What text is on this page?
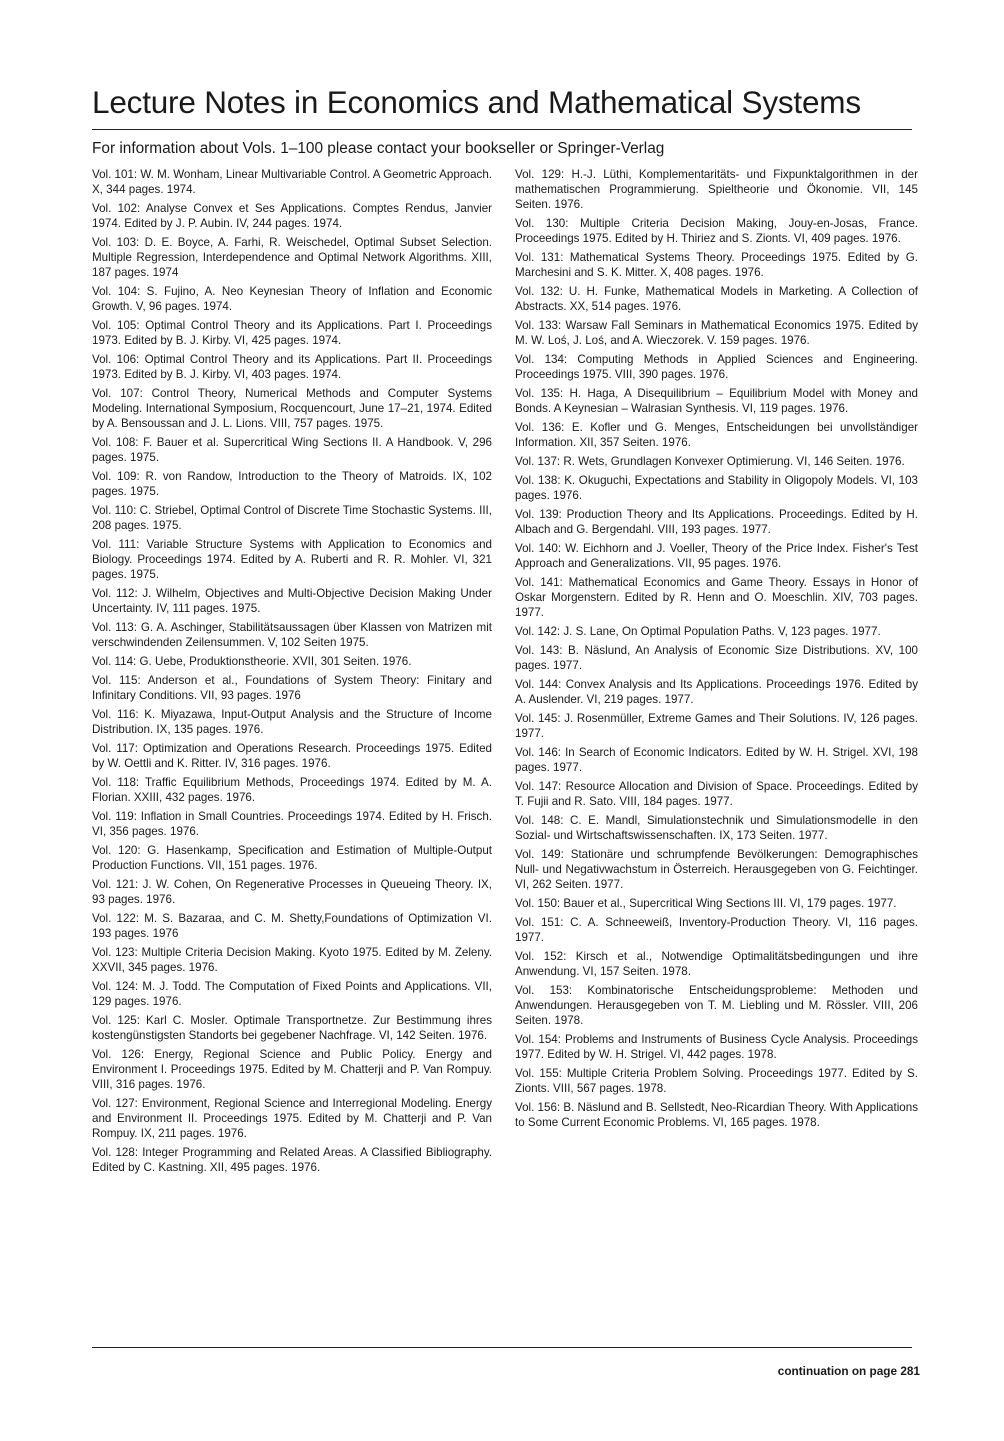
Lecture Notes in Economics and Mathematical Systems

For information about Vols. 1–100 please contact your bookseller or Springer-Verlag

Vol. 101: W. M. Wonham, Linear Multivariable Control. A Geometric Approach. X, 344 pages. 1974.

Vol. 102: Analyse Convex et Ses Applications. Comptes Rendus, Janvier 1974. Edited by J. P. Aubin. IV, 244 pages. 1974.

Vol. 103: D. E. Boyce, A. Farhi, R. Weischedel, Optimal Subset Selection. Multiple Regression, Interdependence and Optimal Network Algorithms. XIII, 187 pages. 1974

Vol. 104: S. Fujino, A. Neo Keynesian Theory of Inflation and Economic Growth. V, 96 pages. 1974.

Vol. 105: Optimal Control Theory and its Applications. Part I. Proceedings 1973. Edited by B. J. Kirby. VI, 425 pages. 1974.

Vol. 106: Optimal Control Theory and its Applications. Part II. Proceedings 1973. Edited by B. J. Kirby. VI, 403 pages. 1974.

Vol. 107: Control Theory, Numerical Methods and Computer Systems Modeling. International Symposium, Rocquencourt, June 17–21, 1974. Edited by A. Bensoussan and J. L. Lions. VIII, 757 pages. 1975.

Vol. 108: F. Bauer et al. Supercritical Wing Sections II. A Handbook. V, 296 pages. 1975.

Vol. 109: R. von Randow, Introduction to the Theory of Matroids. IX, 102 pages. 1975.

Vol. 110: C. Striebel, Optimal Control of Discrete Time Stochastic Systems. III, 208 pages. 1975.

Vol. 111: Variable Structure Systems with Application to Economics and Biology. Proceedings 1974. Edited by A. Ruberti and R. R. Mohler. VI, 321 pages. 1975.

Vol. 112: J. Wilhelm, Objectives and Multi-Objective Decision Making Under Uncertainty. IV, 111 pages. 1975.

Vol. 113: G. A. Aschinger, Stabilitätsaussagen über Klassen von Matrizen mit verschwindenden Zeilensummen. V, 102 Seiten 1975.

Vol. 114: G. Uebe, Produktionstheorie. XVII, 301 Seiten. 1976.

Vol. 115: Anderson et al., Foundations of System Theory: Finitary and Infinitary Conditions. VII, 93 pages. 1976

Vol. 116: K. Miyazawa, Input-Output Analysis and the Structure of Income Distribution. IX, 135 pages. 1976.

Vol. 117: Optimization and Operations Research. Proceedings 1975. Edited by W. Oettli and K. Ritter. IV, 316 pages. 1976.

Vol. 118: Traffic Equilibrium Methods, Proceedings 1974. Edited by M. A. Florian. XXIII, 432 pages. 1976.

Vol. 119: Inflation in Small Countries. Proceedings 1974. Edited by H. Frisch. VI, 356 pages. 1976.

Vol. 120: G. Hasenkamp, Specification and Estimation of Multiple-Output Production Functions. VII, 151 pages. 1976.

Vol. 121: J. W. Cohen, On Regenerative Processes in Queueing Theory. IX, 93 pages. 1976.

Vol. 122: M. S. Bazaraa, and C. M. Shetty,Foundations of Optimization VI. 193 pages. 1976

Vol. 123: Multiple Criteria Decision Making. Kyoto 1975. Edited by M. Zeleny. XXVII, 345 pages. 1976.

Vol. 124: M. J. Todd. The Computation of Fixed Points and Applications. VII, 129 pages. 1976.

Vol. 125: Karl C. Mosler. Optimale Transportnetze. Zur Bestimmung ihres kostengünstigsten Standorts bei gegebener Nachfrage. VI, 142 Seiten. 1976.

Vol. 126: Energy, Regional Science and Public Policy. Energy and Environment I. Proceedings 1975. Edited by M. Chatterji and P. Van Rompuy. VIII, 316 pages. 1976.

Vol. 127: Environment, Regional Science and Interregional Modeling. Energy and Environment II. Proceedings 1975. Edited by M. Chatterji and P. Van Rompuy. IX, 211 pages. 1976.

Vol. 128: Integer Programming and Related Areas. A Classified Bibliography. Edited by C. Kastning. XII, 495 pages. 1976.

Vol. 129: H.-J. Lüthi, Komplementaritäts- und Fixpunktalgorithmen in der mathematischen Programmierung. Spieltheorie und Ökonomie. VII, 145 Seiten. 1976.

Vol. 130: Multiple Criteria Decision Making, Jouy-en-Josas, France. Proceedings 1975. Edited by H. Thiriez and S. Zionts. VI, 409 pages. 1976.

Vol. 131: Mathematical Systems Theory. Proceedings 1975. Edited by G. Marchesini and S. K. Mitter. X, 408 pages. 1976.

Vol. 132: U. H. Funke, Mathematical Models in Marketing. A Collection of Abstracts. XX, 514 pages. 1976.

Vol. 133: Warsaw Fall Seminars in Mathematical Economics 1975. Edited by M. W. Loś, J. Loś, and A. Wieczorek. V. 159 pages. 1976.

Vol. 134: Computing Methods in Applied Sciences and Engineering. Proceedings 1975. VIII, 390 pages. 1976.

Vol. 135: H. Haga, A Disequilibrium – Equilibrium Model with Money and Bonds. A Keynesian – Walrasian Synthesis. VI, 119 pages. 1976.

Vol. 136: E. Kofler und G. Menges, Entscheidungen bei unvollständiger Information. XII, 357 Seiten. 1976.

Vol. 137: R. Wets, Grundlagen Konvexer Optimierung. VI, 146 Seiten. 1976.

Vol. 138: K. Okuguchi, Expectations and Stability in Oligopoly Models. VI, 103 pages. 1976.

Vol. 139: Production Theory and Its Applications. Proceedings. Edited by H. Albach and G. Bergendahl. VIII, 193 pages. 1977.

Vol. 140: W. Eichhorn and J. Voeller, Theory of the Price Index. Fisher's Test Approach and Generalizations. VII, 95 pages. 1976.

Vol. 141: Mathematical Economics and Game Theory. Essays in Honor of Oskar Morgenstern. Edited by R. Henn and O. Moeschlin. XIV, 703 pages. 1977.

Vol. 142: J. S. Lane, On Optimal Population Paths. V, 123 pages. 1977.

Vol. 143: B. Näslund, An Analysis of Economic Size Distributions. XV, 100 pages. 1977.

Vol. 144: Convex Analysis and Its Applications. Proceedings 1976. Edited by A. Auslender. VI, 219 pages. 1977.

Vol. 145: J. Rosenmüller, Extreme Games and Their Solutions. IV, 126 pages. 1977.

Vol. 146: In Search of Economic Indicators. Edited by W. H. Strigel. XVI, 198 pages. 1977.

Vol. 147: Resource Allocation and Division of Space. Proceedings. Edited by T. Fujii and R. Sato. VIII, 184 pages. 1977.

Vol. 148: C. E. Mandl, Simulationstechnik und Simulationsmodelle in den Sozial- und Wirtschaftswissenschaften. IX, 173 Seiten. 1977.

Vol. 149: Stationäre und schrumpfende Bevölkerungen: Demographisches Null- und Negativwachstum in Österreich. Herausgegeben von G. Feichtinger. VI, 262 Seiten. 1977.

Vol. 150: Bauer et al., Supercritical Wing Sections III. VI, 179 pages. 1977.

Vol. 151: C. A. Schneeweiß, Inventory-Production Theory. VI, 116 pages. 1977.

Vol. 152: Kirsch et al., Notwendige Optimalitätsbedingungen und ihre Anwendung. VI, 157 Seiten. 1978.

Vol. 153: Kombinatorische Entscheidungsprobleme: Methoden und Anwendungen. Herausgegeben von T. M. Liebling und M. Rössler. VIII, 206 Seiten. 1978.

Vol. 154: Problems and Instruments of Business Cycle Analysis. Proceedings 1977. Edited by W. H. Strigel. VI, 442 pages. 1978.

Vol. 155: Multiple Criteria Problem Solving. Proceedings 1977. Edited by S. Zionts. VIII, 567 pages. 1978.

Vol. 156: B. Näslund and B. Sellstedt, Neo-Ricardian Theory. With Applications to Some Current Economic Problems. VI, 165 pages. 1978.

continuation on page 281
